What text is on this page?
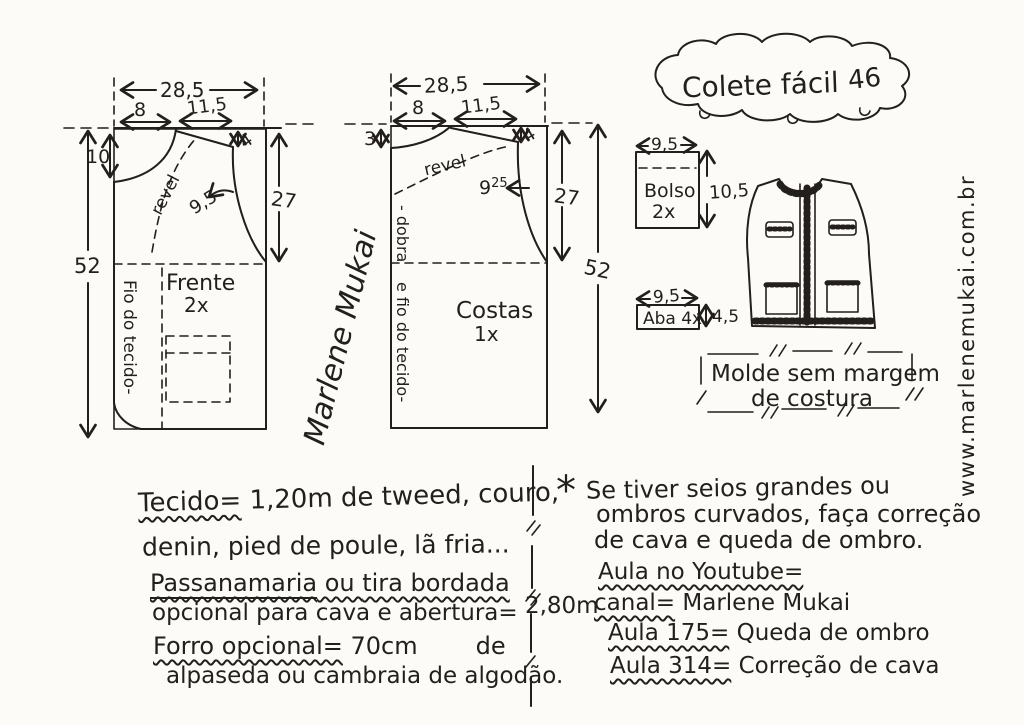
28,5
8 11,5
10
4
27
52
9,5
revel
Frente
2x
Fio do tecido-
28,5
8 11,5
3	4
27
52
$9^{25}$
revel
Costas
1x
- dobra
e fio do tecido-
Marlene Mukai
Colete fácil 46
Bolso
2x
9,5
10,5
Aba 4x
9,5
4,5
Molde sem margem
de costura	www.marlenemukai.com.br
Tecido= 1,20m de tweed, couro,
denin, pied de poule, lã fria...
Passanamaria ou tira bordada
opcional para cava e abertura= 2,80m
Forro opcional= 70cm de
alpaseda ou cambraia de algodão.
* Se tiver seios grandes ou
ombros curvados, faça correção
de cava e queda de ombro.
Aula no Youtube=
canal= Marlene Mukai
Aula 175= Queda de ombro
Aula 314= Correção de cava
